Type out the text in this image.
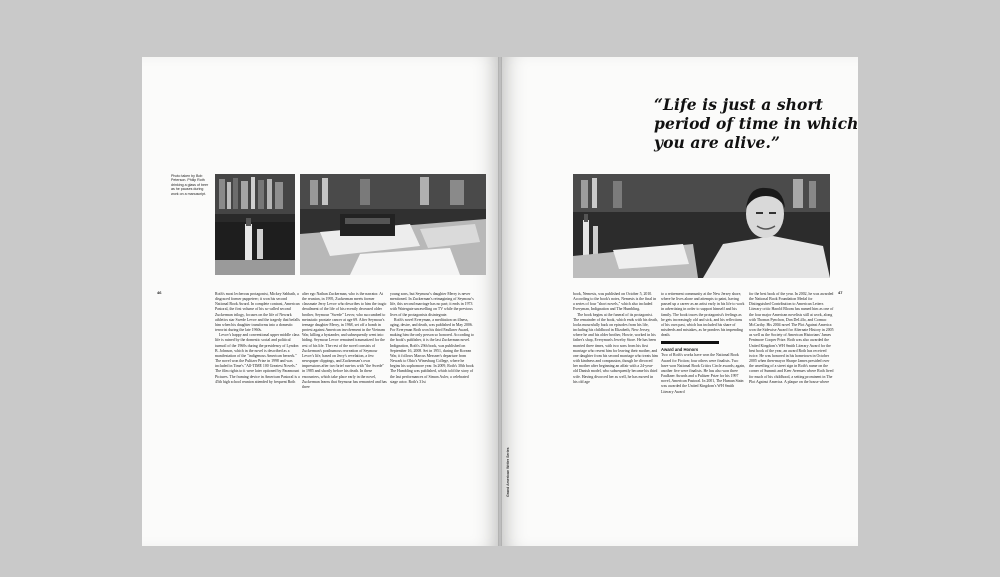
Photo taken by Bob Peterson. Philip Roth drinking a glass of beer as he pauses during work on a manuscript.
46	Roth's most lecherous protagonist, Mickey Sabbath, a disgraced former puppeteer; it won his second National Book Award. In complete contrast, American Pastoral, the first volume of his so-called second Zuckerman trilogy, focuses on the life of Newark athletics star Swede Levov and the tragedy that befalls him when his daughter transforms into a domestic terrorist during the late 1960s.

Levov's happy and conventional upper middle class life is ruined by the domestic social and political turmoil of the 1960s during the presidency of Lyndon B. Johnson, which in the novel is described as a manifestation of the "indigenous American berserk." The novel won the Pulitzer Prize in 1998 and was included in Time's "All-TIME 100 Greatest Novels." The film rights to it were later optioned by Paramount Pictures. The framing device in American Pastoral is a 45th high school reunion attended by frequent Roth

alter ego Nathan Zuckerman, who is the narrator. At the reunion, in 1995, Zuckerman meets former classmate Jerry Levov who describes to him the tragic derailment of the life of his recently deceased older brother, Seymour "Swede" Levov, who succumbed to metastatic prostate cancer at age 69. After Seymour's teenage daughter Merry, in 1968, set off a bomb in protest against American involvement in the Vietnam War, killing a bystander, and subsequently went into hiding. Seymour Levov remained traumatized for the rest of his life. The rest of the novel consists of Zuckerman's posthumous recreation of Seymour Levov's life, based on Jerry's revelation, a few newspaper clippings, and Zuckerman's own impressions after two brief run-ins with "the Swede" in 1985 and shortly before his death. In these encounters, which take place early in the novel, Zuckerman learns that Seymour has remarried and has three

young sons, but Seymour's daughter Merry is never mentioned. In Zuckerman's reimagining of Seymour's life, this second marriage has no part; it ends in 1973 with Watergate unravelling on TV while the previous lives of the protagonists disintegrate.

Roth's novel Everyman, a meditation on illness, aging, desire, and death, was published in May 2006. For Everyman Roth won his third Faulkner Award, making him the only person so honored. According to the book's publisher, it is the last Zuckerman novel. Indignation, Roth's 29th book, was published on September 16, 2008. Set in 1951, during the Korean War, it follows Marcus Messner's departure from Newark to Ohio's Winesburg College, where he begins his sophomore year. In 2009, Roth's 30th book The Humbling was published, which told the story of the last performances of Simon Axler, a celebrated stage actor. Roth's 31st

“Life is just a short period of time in which you are alive.”
47
Grand American Writer Series

book, Nemesis, was published on October 5, 2010. According to the book's notes, Nemesis is the final in a series of four "short novels," which also included Everyman, Indignation and The Humbling.

The book begins at the funeral of its protagonist. The remainder of the book, which ends with his death, looks mournfully back on episodes from his life, including his childhood in Elizabeth, New Jersey, where he and his older brother, Howie, worked in his father's shop, Everyman's Jewelry Store. He has been married three times, with two sons from his first marriage who resent him for leaving their mother, and one daughter from his second marriage who treats him with kindness and compassion, though he divorced her mother after beginning an affair with a 24-year-old Danish model, who subsequently became his third wife. Having divorced her as well, he has moved in his old age

to a retirement community at the New Jersey shore, where he lives alone and attempts to paint, having passed up a career as an artist early in his life to work in advertising in order to support himself and his family. The book traces the protagonist's feelings as he gets increasingly old and sick, and his reflections of his own past, which has included his share of misdeeds and mistakes, as he ponders his impending death.

Award and Honors

Two of Roth's works have won the National Book Award for Fiction; four others were finalists. Two have won National Book Critics Circle awards; again, another five were finalists. He has also won three Faulkner Awards and a Pulitzer Prize for his 1997 novel, American Pastoral. In 2001, The Human Stain was awarded the United Kingdom's WH Smith Literary Award

for the best book of the year. In 2002, he was awarded the National Book Foundation Medal for Distinguished Contribution to American Letters Literary critic Harold Bloom has named him as one of the four major American novelists still at work, along with Thomas Pynchon, Don DeLillo, and Cormac McCarthy. His 2004 novel The Plot Against America won the Sidewise Award for Alternate History in 2005 as well as the Society of American Historians' James Fenimore Cooper Prize. Roth was also awarded the United Kingdom's WH Smith Literary Award for the best book of the year, an award Roth has received twice. He was honored in his hometown in October 2005 when then-mayor Sharpe James presided over the unveiling of a street sign in Roth's name on the corner of Summit and Keer Avenues where Roth lived for much of his childhood, a setting prominent in The Plot Against America. A plaque on the house where
